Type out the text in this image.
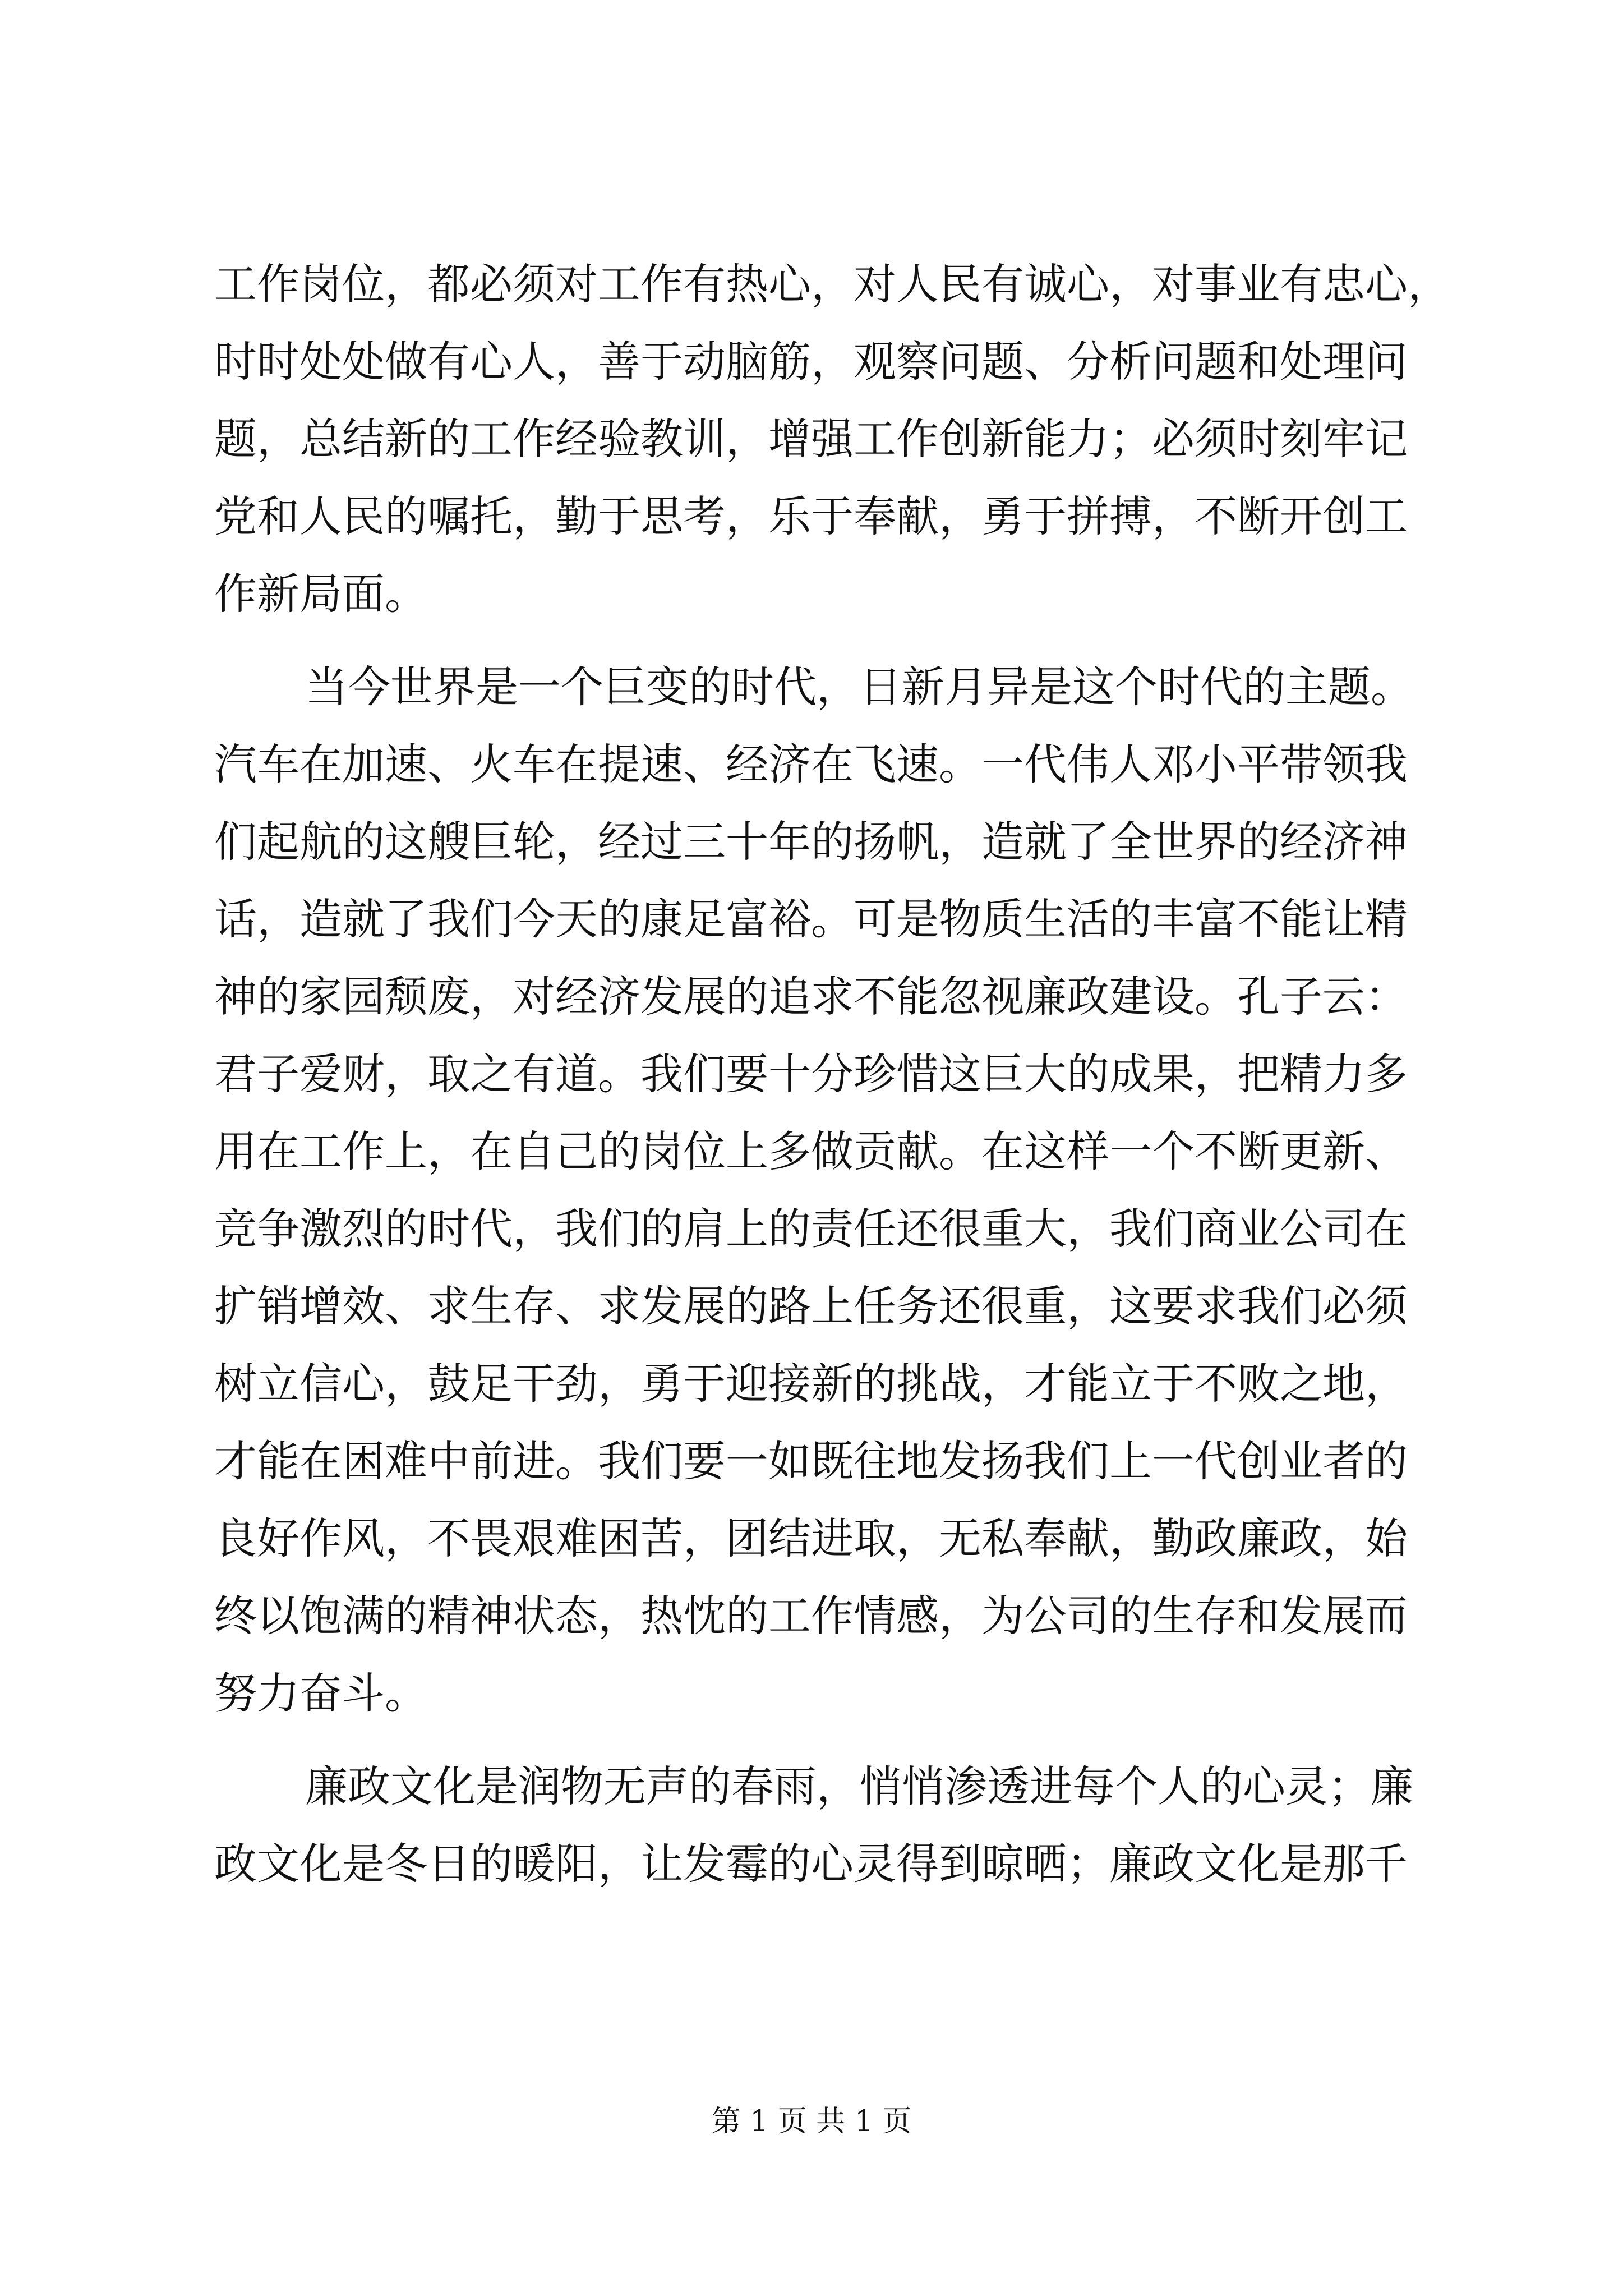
工作岗位，都必须对工作有热心，对人民有诚心，对事业有忠心，
时时处处做有心人，善于动脑筋，观察问题、分析问题和处理问
题，总结新的工作经验教训，增强工作创新能力；必须时刻牢记
党和人民的嘱托，勤于思考，乐于奉献，勇于拼搏，不断开创工
作新局面。
当今世界是一个巨变的时代，日新月异是这个时代的主题。
汽车在加速、火车在提速、经济在飞速。一代伟人邓小平带领我
们起航的这艘巨轮，经过三十年的扬帆，造就了全世界的经济神
话，造就了我们今天的康足富裕。可是物质生活的丰富不能让精
神的家园颓废，对经济发展的追求不能忽视廉政建设。孔子云：
君子爱财，取之有道。我们要十分珍惜这巨大的成果，把精力多
用在工作上，在自己的岗位上多做贡献。在这样一个不断更新、
竞争激烈的时代，我们的肩上的责任还很重大，我们商业公司在
扩销增效、求生存、求发展的路上任务还很重，这要求我们必须
树立信心，鼓足干劲，勇于迎接新的挑战，才能立于不败之地，
才能在困难中前进。我们要一如既往地发扬我们上一代创业者的
良好作风，不畏艰难困苦，团结进取，无私奉献，勤政廉政，始
终以饱满的精神状态，热忱的工作情感，为公司的生存和发展而
努力奋斗。
廉政文化是润物无声的春雨，悄悄渗透进每个人的心灵；廉
政文化是冬日的暖阳，让发霉的心灵得到晾晒；廉政文化是那千
第 1 页 共 1 页
